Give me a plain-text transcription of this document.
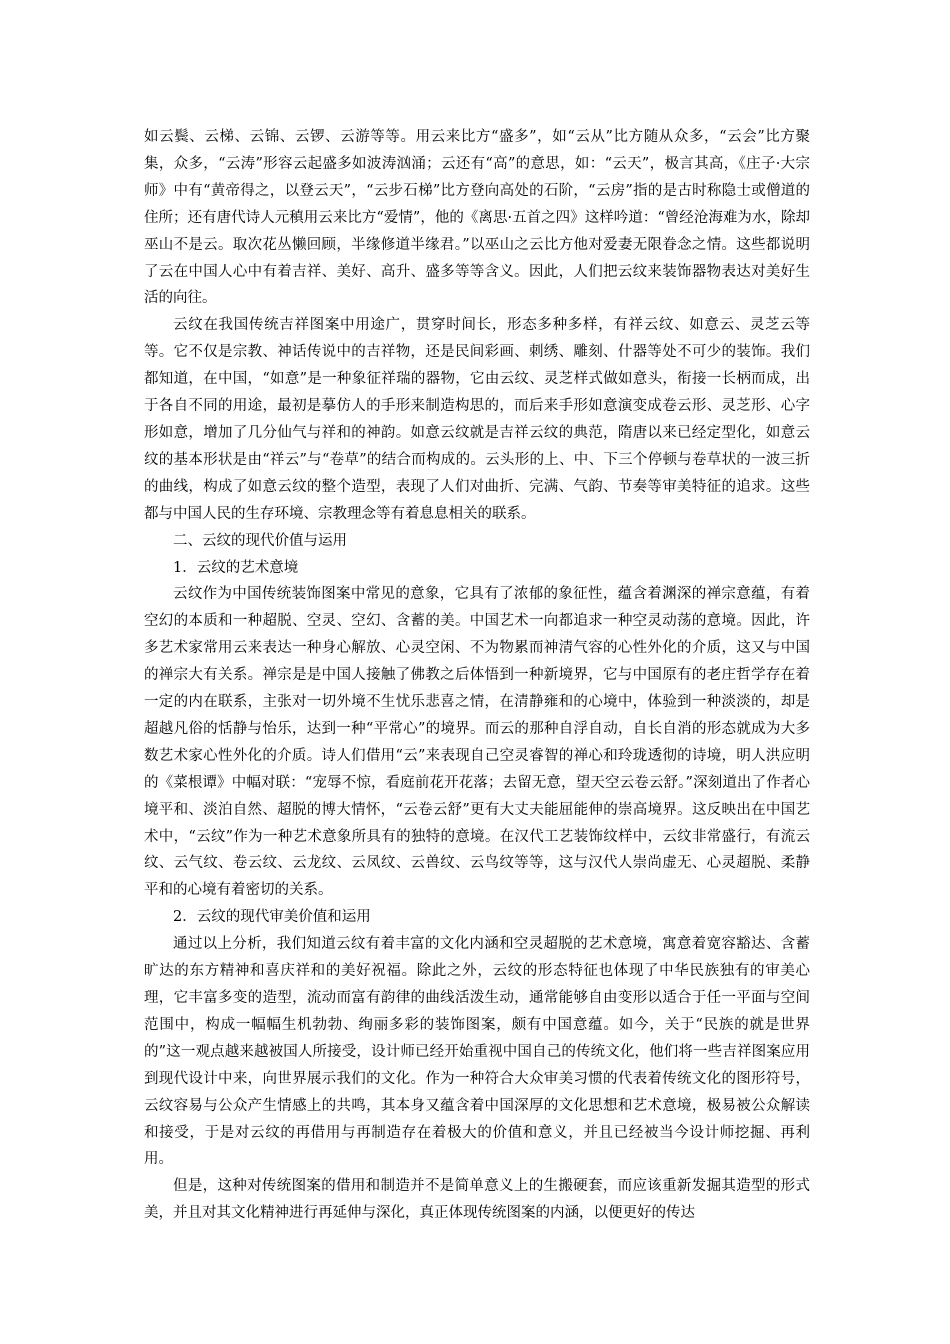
如云鬓、云梯、云锦、云锣、云游等等。用云来比方“盛多”，如“云从”比方随从众多，“云会”比方聚集，众多，“云涛”形容云起盛多如波涛汹涌；云还有“高”的意思，如：“云天”，极言其高，《庄子·大宗师》中有“黄帝得之，以登云天”，“云步石梯”比方登向高处的石阶，“云房”指的是古时称隐士或僧道的住所；还有唐代诗人元稹用云来比方“爱情”，他的《离思·五首之四》这样吟道：“曾经沧海难为水，除却巫山不是云。取次花丛懒回顾，半缘修道半缘君。”以巫山之云比方他对爱妻无限眷念之情。这些都说明了云在中国人心中有着吉祥、美好、高升、盛多等等含义。因此，人们把云纹来装饰器物表达对美好生活的向往。

云纹在我国传统吉祥图案中用途广，贯穿时间长，形态多种多样，有祥云纹、如意云、灵芝云等等。它不仅是宗教、神话传说中的吉祥物，还是民间彩画、刺绣、雕刻、什器等处不可少的装饰。我们都知道，在中国，“如意”是一种象征祥瑞的器物，它由云纹、灵芝样式做如意头，衔接一长柄而成，出于各自不同的用途，最初是摹仿人的手形来制造构思的，而后来手形如意演变成卷云形、灵芝形、心字形如意，增加了几分仙气与祥和的神韵。如意云纹就是吉祥云纹的典范，隋唐以来已经定型化，如意云纹的基本形状是由“祥云”与“卷草”的结合而构成的。云头形的上、中、下三个停顿与卷草状的一波三折的曲线，构成了如意云纹的整个造型，表现了人们对曲折、完满、气韵、节奏等审美特征的追求。这些都与中国人民的生存环境、宗教理念等有着息息相关的联系。

二、云纹的现代价值与运用

1．云纹的艺术意境

云纹作为中国传统装饰图案中常见的意象，它具有了浓郁的象征性，蕴含着渊深的禅宗意蕴，有着空幻的本质和一种超脱、空灵、空幻、含蓄的美。中国艺术一向都追求一种空灵动荡的意境。因此，许多艺术家常用云来表达一种身心解放、心灵空闲、不为物累而神清气容的心性外化的介质，这又与中国的禅宗大有关系。禅宗是是中国人接触了佛教之后体悟到一种新境界，它与中国原有的老庄哲学存在着一定的内在联系，主张对一切外境不生忧乐悲喜之情，在清静雍和的心境中，体验到一种淡淡的，却是超越凡俗的恬静与怡乐，达到一种“平常心”的境界。而云的那种自浮自动，自长自消的形态就成为大多数艺术家心性外化的介质。诗人们借用“云”来表现自己空灵睿智的禅心和玲珑透彻的诗境，明人洪应明的《菜根谭》中幅对联：“宠辱不惊，看庭前花开花落；去留无意，望天空云卷云舒。”深刻道出了作者心境平和、淡泊自然、超脱的博大情怀，“云卷云舒”更有大丈夫能屈能伸的崇高境界。这反映出在中国艺术中，“云纹”作为一种艺术意象所具有的独特的意境。在汉代工艺装饰纹样中，云纹非常盛行，有流云纹、云气纹、卷云纹、云龙纹、云凤纹、云兽纹、云鸟纹等等，这与汉代人崇尚虚无、心灵超脱、柔静平和的心境有着密切的关系。

2．云纹的现代审美价值和运用

通过以上分析，我们知道云纹有着丰富的文化内涵和空灵超脱的艺术意境，寓意着宽容豁达、含蓄旷达的东方精神和喜庆祥和的美好祝福。除此之外，云纹的形态特征也体现了中华民族独有的审美心理，它丰富多变的造型，流动而富有韵律的曲线活泼生动，通常能够自由变形以适合于任一平面与空间范围中，构成一幅幅生机勃勃、绚丽多彩的装饰图案，颇有中国意蕴。如今，关于“民族的就是世界的”这一观点越来越被国人所接受，设计师已经开始重视中国自己的传统文化，他们将一些吉祥图案应用到现代设计中来，向世界展示我们的文化。作为一种符合大众审美习惯的代表着传统文化的图形符号，云纹容易与公众产生情感上的共鸣，其本身又蕴含着中国深厚的文化思想和艺术意境，极易被公众解读和接受，于是对云纹的再借用与再制造存在着极大的价值和意义，并且已经被当今设计师挖掘、再利用。

但是，这种对传统图案的借用和制造并不是简单意义上的生搬硬套，而应该重新发掘其造型的形式美，并且对其文化精神进行再延伸与深化，真正体现传统图案的内涵，以便更好的传达
